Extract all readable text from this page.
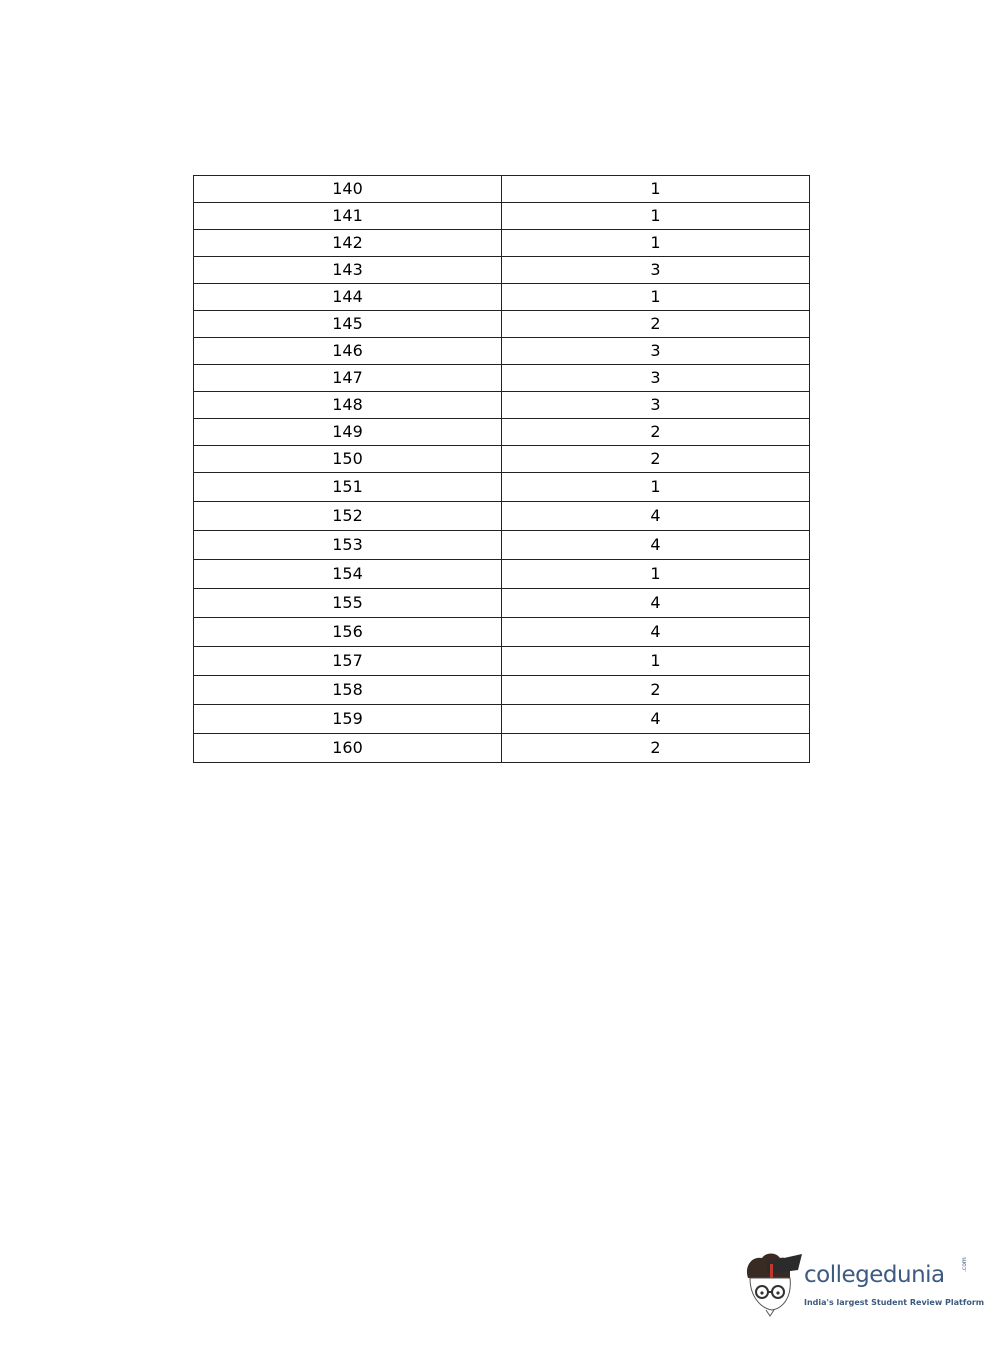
140	1
141	1
142	1
143	3
144	1
145	2
146	3
147	3
148	3
149	2
150	2
151	1
152	4
153	4
154	1
155	4
156	4
157	1
158	2
159	4
160	2
collegedunia	.com
India's largest Student Review Platform
